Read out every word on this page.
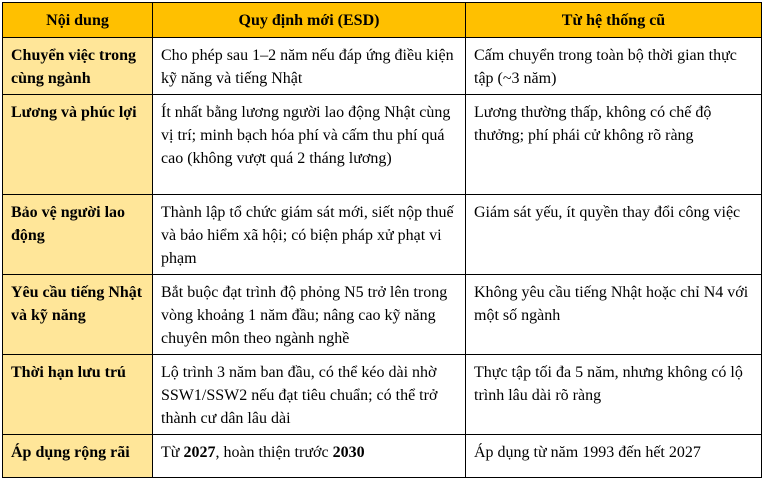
Nội dung	Quy định mới (ESD)	Từ hệ thống cũ
Chuyển việc trong cùng ngành	Cho phép sau 1–2 năm nếu đáp ứng điều kiện kỹ năng và tiếng Nhật	Cấm chuyển trong toàn bộ thời gian thực tập (~3 năm)
Lương và phúc lợi	Ít nhất bằng lương người lao động Nhật cùng vị trí; minh bạch hóa phí và cấm thu phí quá cao (không vượt quá 2 tháng lương)	Lương thường thấp, không có chế độ thưởng; phí phái cử không rõ ràng
Bảo vệ người lao động	Thành lập tổ chức giám sát mới, siết nộp thuế và bảo hiểm xã hội; có biện pháp xử phạt vi phạm	Giám sát yếu, ít quyền thay đổi công việc
Yêu cầu tiếng Nhật và kỹ năng	Bắt buộc đạt trình độ phỏng N5 trở lên trong vòng khoảng 1 năm đầu; nâng cao kỹ năng chuyên môn theo ngành nghề	Không yêu cầu tiếng Nhật hoặc chỉ N4 với một số ngành
Thời hạn lưu trú	Lộ trình 3 năm ban đầu, có thể kéo dài nhờ SSW1/SSW2 nếu đạt tiêu chuẩn; có thể trở thành cư dân lâu dài	Thực tập tối đa 5 năm, nhưng không có lộ trình lâu dài rõ ràng
Áp dụng rộng rãi	Từ 2027, hoàn thiện trước 2030	Áp dụng từ năm 1993 đến hết 2027
